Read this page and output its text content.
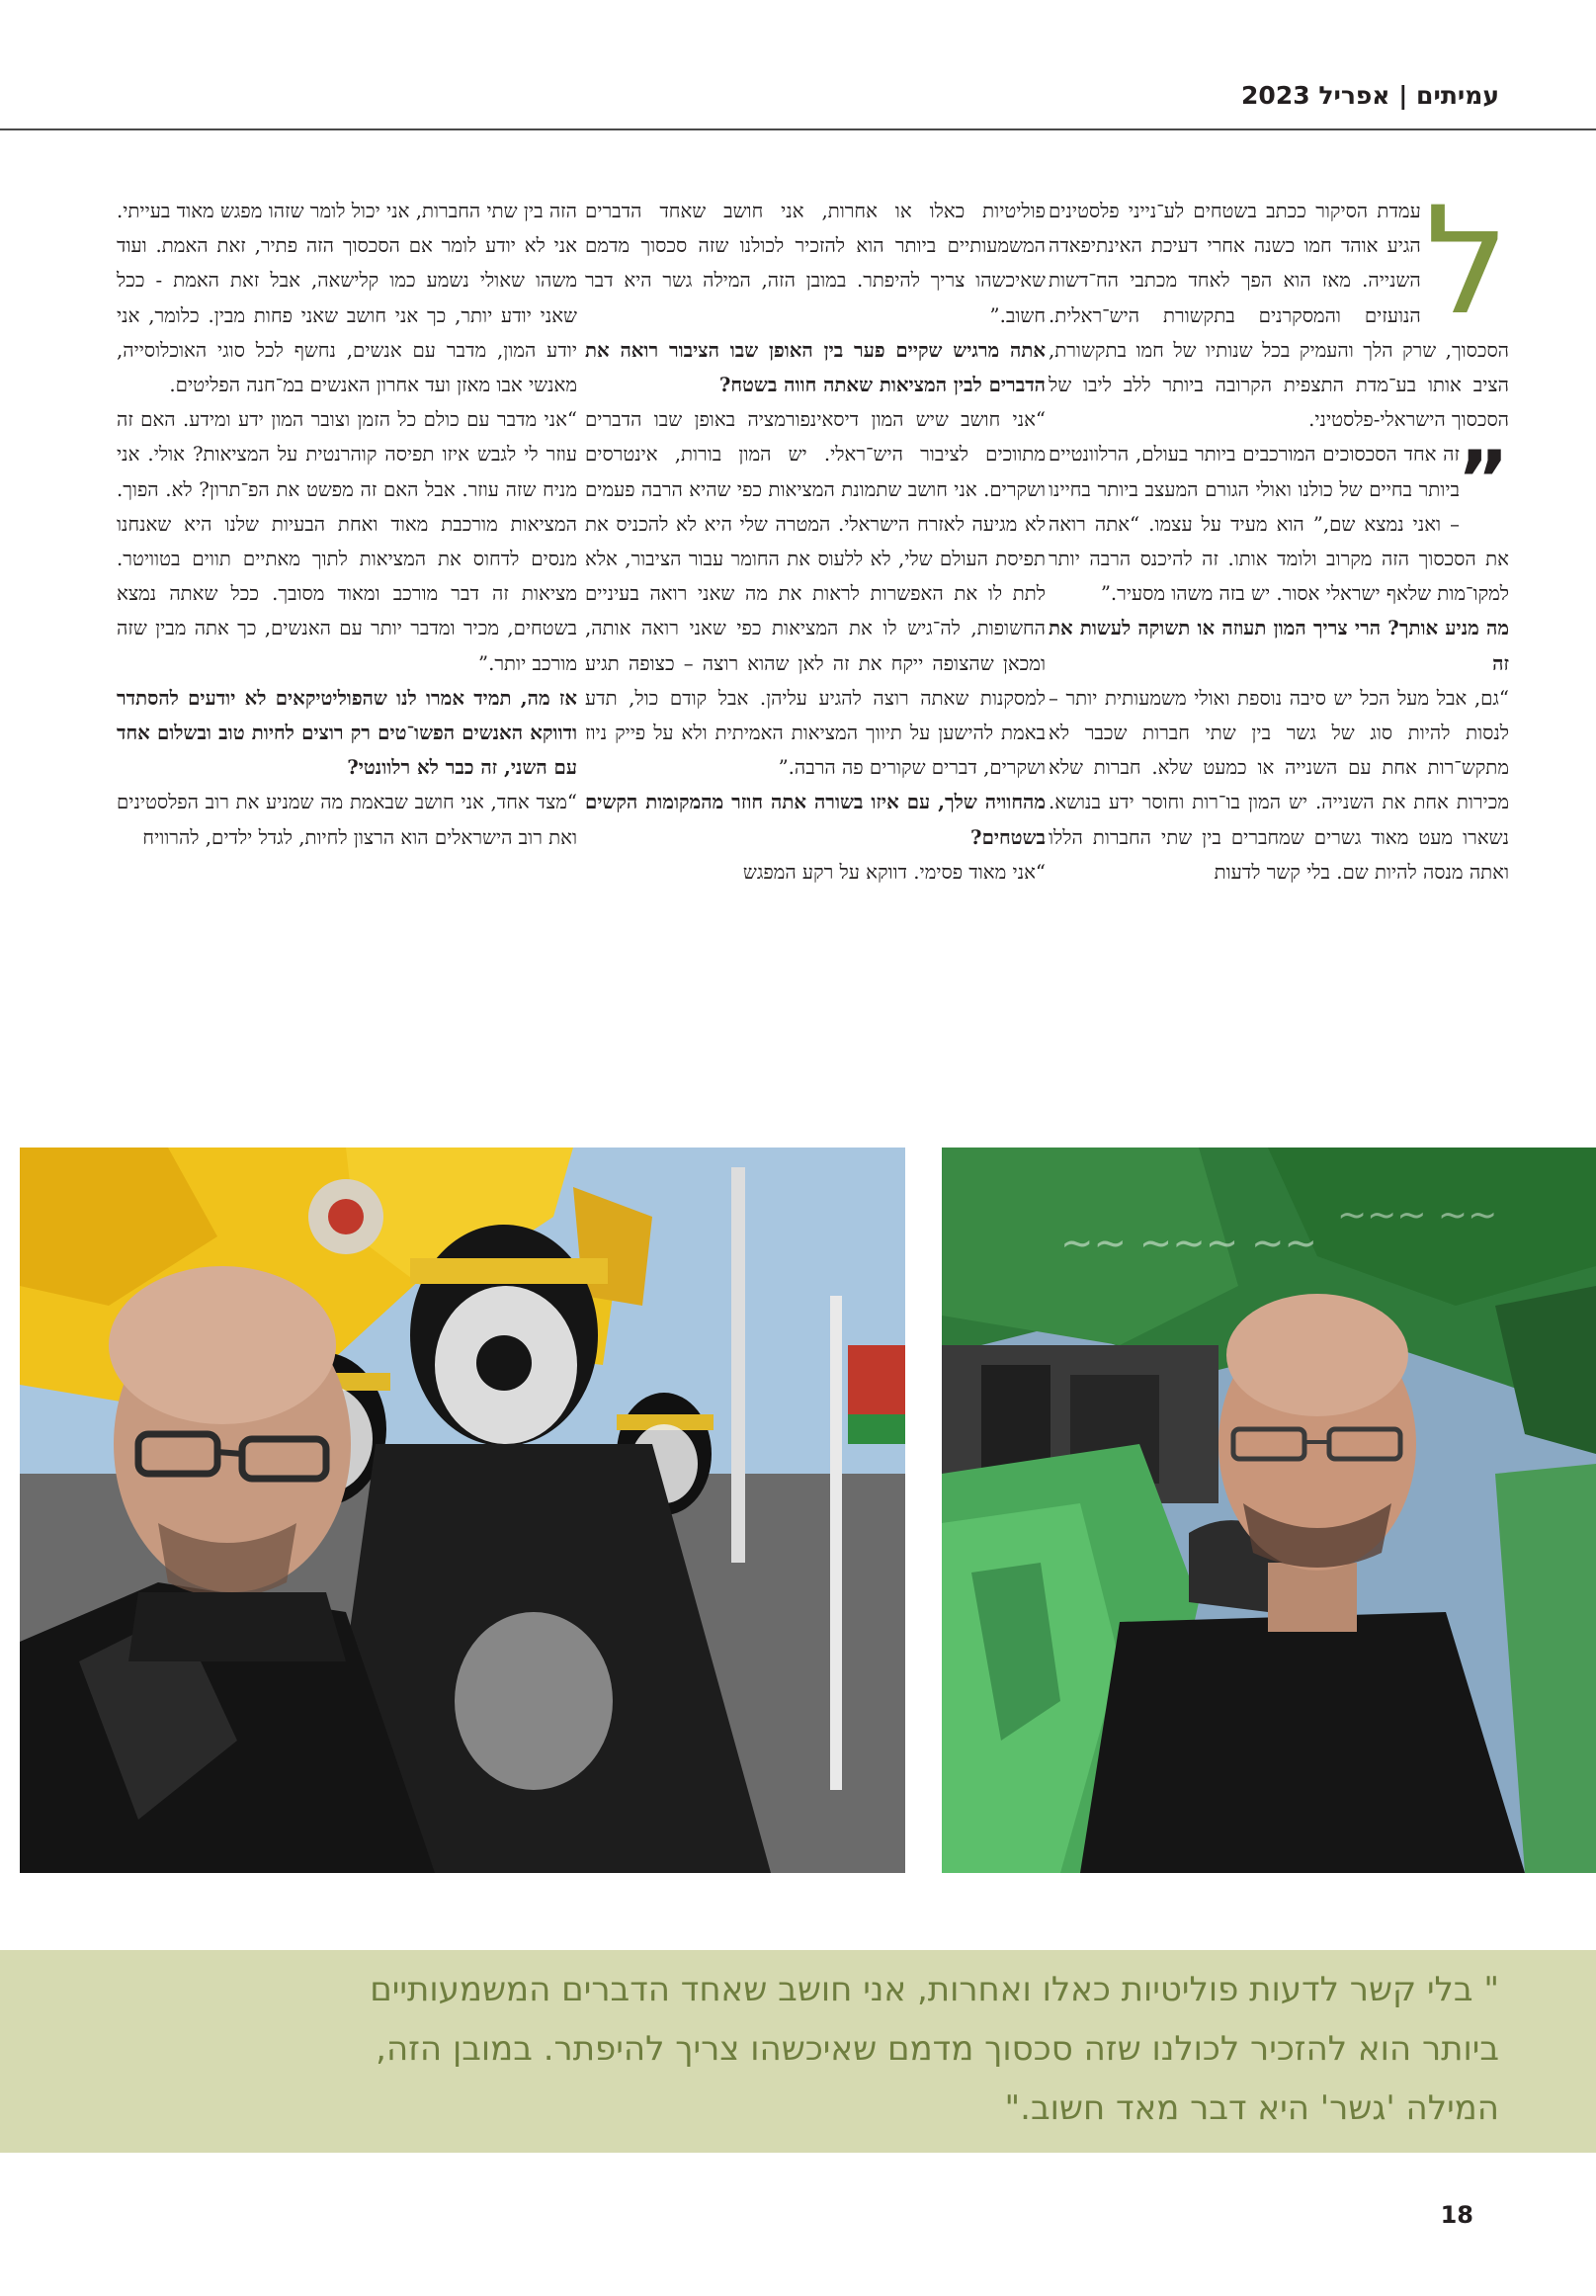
עמיתים | אפריל 2023
ל

עמדת הסיקור ככתב בשטחים לע־נייני פלסטינים הגיע אוהד חמו כשנה אחרי דעיכת האינתיפאדה השנייה. מאז הוא הפך לאחד מכתבי הח־דשות הנועזים והמסקרנים בתקשורת היש־ראלית. הסכסוך, שרק הלך והעמיק בכל שנותיו של חמו בתקשורת, הציב אותו בע־מדת התצפית הקרובה ביותר ללב ליבו של הסכסוך הישראלי-פלסטיני.

”

זה אחד הסכסוכים המורכבים ביותר בעולם, הרלוונטיים ביותר בחיים של כולנו ואולי הגורם המעצב ביותר בחיינו – ואני נמצא שם,” הוא מעיד על עצמו. “אתה רואה את הסכסוך הזה מקרוב ולומד אותו. זה להיכנס הרבה יותר למקו־מות שלאף ישראלי אסור. יש בזה משהו מסעיר.”

מה מניע אותך? הרי צריך המון תעוזה או תשוקה לעשות את זה

“גם, אבל מעל הכל יש סיבה נוספת ואולי משמעותית יותר – לנסות להיות סוג של גשר בין שתי חברות שכבר לא מתקש־רות אחת עם השנייה או כמעט שלא. חברות שלא מכירות אחת את השנייה. יש המון בו־רות וחוסר ידע בנושא. נשארו מעט מאוד גשרים שמחברים בין שתי החברות הללו ואתה מנסה להיות שם. בלי קשר לדעות

פוליטיות כאלו או אחרות, אני חושב שאחד הדברים המשמעותיים ביותר הוא להזכיר לכולנו שזה סכסוך מדמם שאיכשהו צריך להיפתר. במובן הזה, המילה גשר היא דבר חשוב.”

אתה מרגיש שקיים פער בין האופן שבו הציבור רואה את הדברים לבין המציאות שאתה חווה בשטח?

“אני חושב שיש המון דיסאינפורמציה באופן שבו הדברים מתווכים לציבור היש־ראלי. יש המון בורות, אינטרסים ושקרים. אני חושב שתמונת המציאות כפי שהיא הרבה פעמים לא מגיעה לאזרח הישראלי. המטרה שלי היא לא להכניס את תפיסת העולם שלי, לא ללעוס את החומר עבור הציבור, אלא לתת לו את האפשרות לראות את מה שאני רואה בעיניים החשופות, לה־גיש לו את המציאות כפי שאני רואה אותה, ומכאן שהצופה ייקח את זה לאן שהוא רוצה – כצופה תגיע למסקנות שאתה רוצה להגיע עליהן. אבל קודם כול, תדע באמת להישען על תיווך המציאות האמיתית ולא על פייק ניוז ושקרים, דברים שקורים פה הרבה.”

מהחוויה שלך, עם איזו בשורה אתה חוזר מהמקומות הקשים בשטחים?

“אני מאוד פסימי. דווקא על רקע המפגש

הזה בין שתי החברות, אני יכול לומר שזהו מפגש מאוד בעייתי. אני לא יודע לומר אם הסכסוך הזה פתיר, זאת האמת. ועוד משהו שאולי נשמע כמו קלישאה, אבל זאת האמת - ככל שאני יודע יותר, כך אני חושב שאני פחות מבין. כלומר, אני יודע המון, מדבר עם אנשים, נחשף לכל סוגי האוכלוסייה, מאנשי אבו מאזן ועד אחרון האנשים במ־חנה הפליטים.

“אני מדבר עם כולם כל הזמן וצובר המון ידע ומידע. האם זה עוזר לי לגבש איזו תפיסה קוהרנטית על המציאות? אולי. אני מניח שזה עוזר. אבל האם זה מפשט את הפ־תרון? לא. הפוך. המציאות מורכבת מאוד ואחת הבעיות שלנו היא שאנחנו מנסים לדחוס את המציאות לתוך מאתיים תווים בטוויטר. מציאות זה דבר מורכב ומאוד מסובך. ככל שאתה נמצא בשטחים, מכיר ומדבר יותר עם האנשים, כך אתה מבין שזה מורכב יותר.”

אז מה, תמיד אמרו לנו שהפוליטיקאים לא יודעים להסתדר ודווקא האנשים הפשו־טים רק רוצים לחיות טוב ובשלום אחד עם השני, זה כבר לא רלוונטי?

“מצד אחד, אני חושב שבאמת מה שמניע את רוב הפלסטינים ואת רוב הישראלים הוא הרצון לחיות, לגדל ילדים, להרוויח

~~ ~~~ ~~
~~~ ~~
" בלי קשר לדעות פוליטיות כאלו ואחרות, אני חושב שאחד הדברים המשמעותיים
ביותר הוא להזכיר לכולנו שזה סכסוך מדמם שאיכשהו צריך להיפתר. במובן הזה,
המילה 'גשר' היא דבר מאד חשוב."
18
